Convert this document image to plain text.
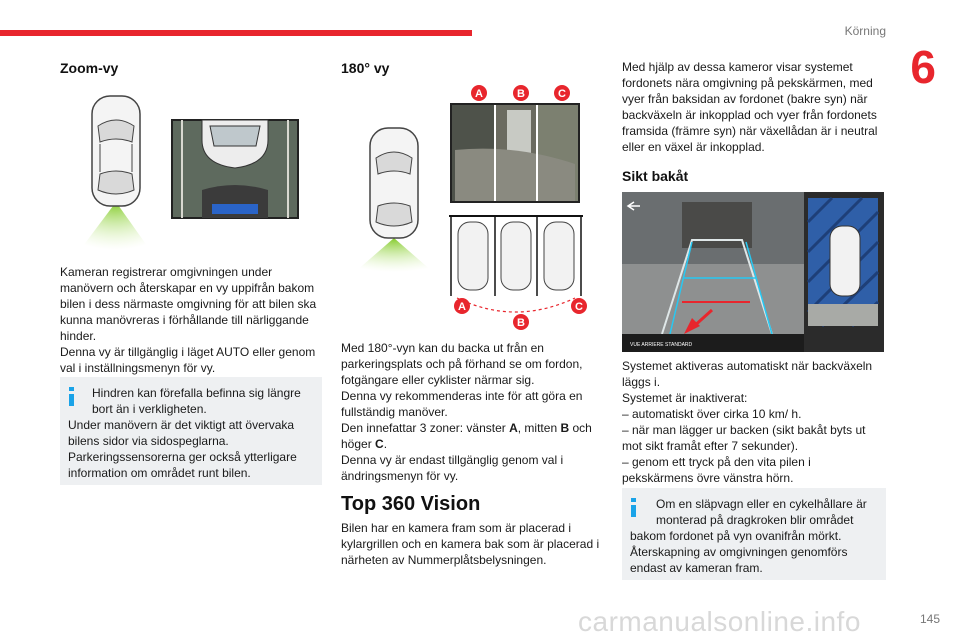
Körning
6
Zoom-vy
Kameran registrerar omgivningen under
manövern och återskapar en vy uppifrån bakom
bilen i dess närmaste omgivning för att bilen ska
kunna manövreras i förhållande till närliggande
hinder.
Denna vy är tillgänglig i läget AUTO eller genom
val i inställningsmenyn för vy.
Hindren kan förefalla befinna sig längre
bort än i verkligheten.
Under manövern är det viktigt att övervaka
bilens sidor via sidospeglarna.
Parkeringssensorerna ger också ytterligare
information om området runt bilen.
180° vy
A	B	C
A
B
C
Med 180°-vyn kan du backa ut från en
parkeringsplats och på förhand se om fordon,
fotgängare eller cyklister närmar sig.
Denna vy rekommenderas inte för att göra en
fullständig manöver.
Den innefattar 3 zoner: vänster A, mitten B och
höger C.
Denna vy är endast tillgänglig genom val i
ändringsmenyn för vy.
Top 360 Vision
Bilen har en kamera fram som är placerad i
kylargrillen och en kamera bak som är placerad i
närheten av Nummerplåtsbelysningen.
Med hjälp av dessa kameror visar systemet
fordonets nära omgivning på pekskärmen, med
vyer från baksidan av fordonet (bakre syn) när
backväxeln är inkopplad och vyer från fordonets
framsida (främre syn) när växellådan är i neutral
eller en växel är inkopplad.
Sikt bakåt
VUE ARRIERE STANDARD
Systemet aktiveras automatiskt när backväxeln
läggs i.
Systemet är inaktiverat:
– automatiskt över cirka 10 km/ h.
– när man lägger ur backen (sikt bakåt byts ut
mot sikt framåt efter 7 sekunder).
– genom ett tryck på den vita pilen i
pekskärmens övre vänstra hörn.
Om en släpvagn eller en cykelhållare är
monterad på dragkroken blir området
bakom fordonet på vyn ovanifrån mörkt.
Återskapning av omgivningen genomförs
endast av kameran fram.
carmanualsonline.info	145
